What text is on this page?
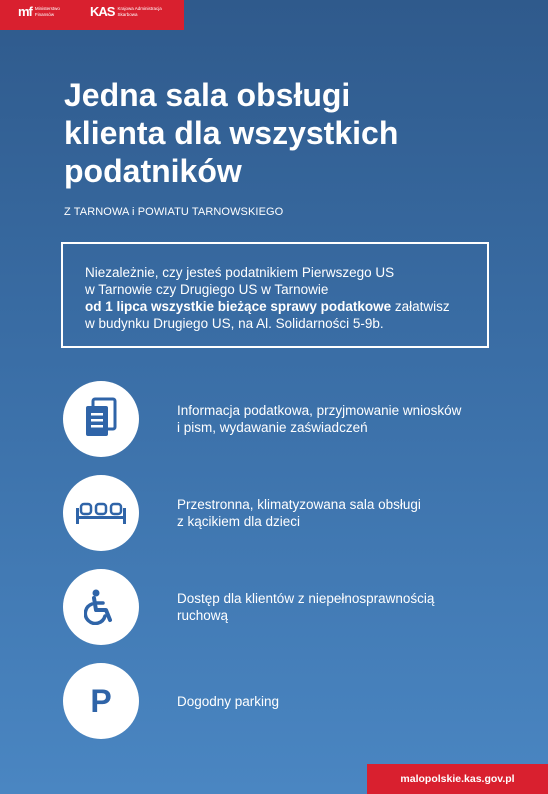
mf Ministerstwo
Finansów	KAS Krajowa Administracja
Skarbowa
Jedna sala obsługi
klienta dla wszystkich
podatników
Z TARNOWA i POWIATU TARNOWSKIEGO
Niezależnie, czy jesteś podatnikiem Pierwszego US
w Tarnowie czy Drugiego US w Tarnowie
od 1 lipca wszystkie bieżące sprawy podatkowe załatwisz
w budynku Drugiego US, na Al. Solidarności 5-9b.
Informacja podatkowa, przyjmowanie wniosków
i pism, wydawanie zaświadczeń
Przestronna, klimatyzowana sala obsługi
z kącikiem dla dzieci
Dostęp dla klientów z niepełnosprawnością
ruchową
P	Dogodny parking
malopolskie.kas.gov.pl
